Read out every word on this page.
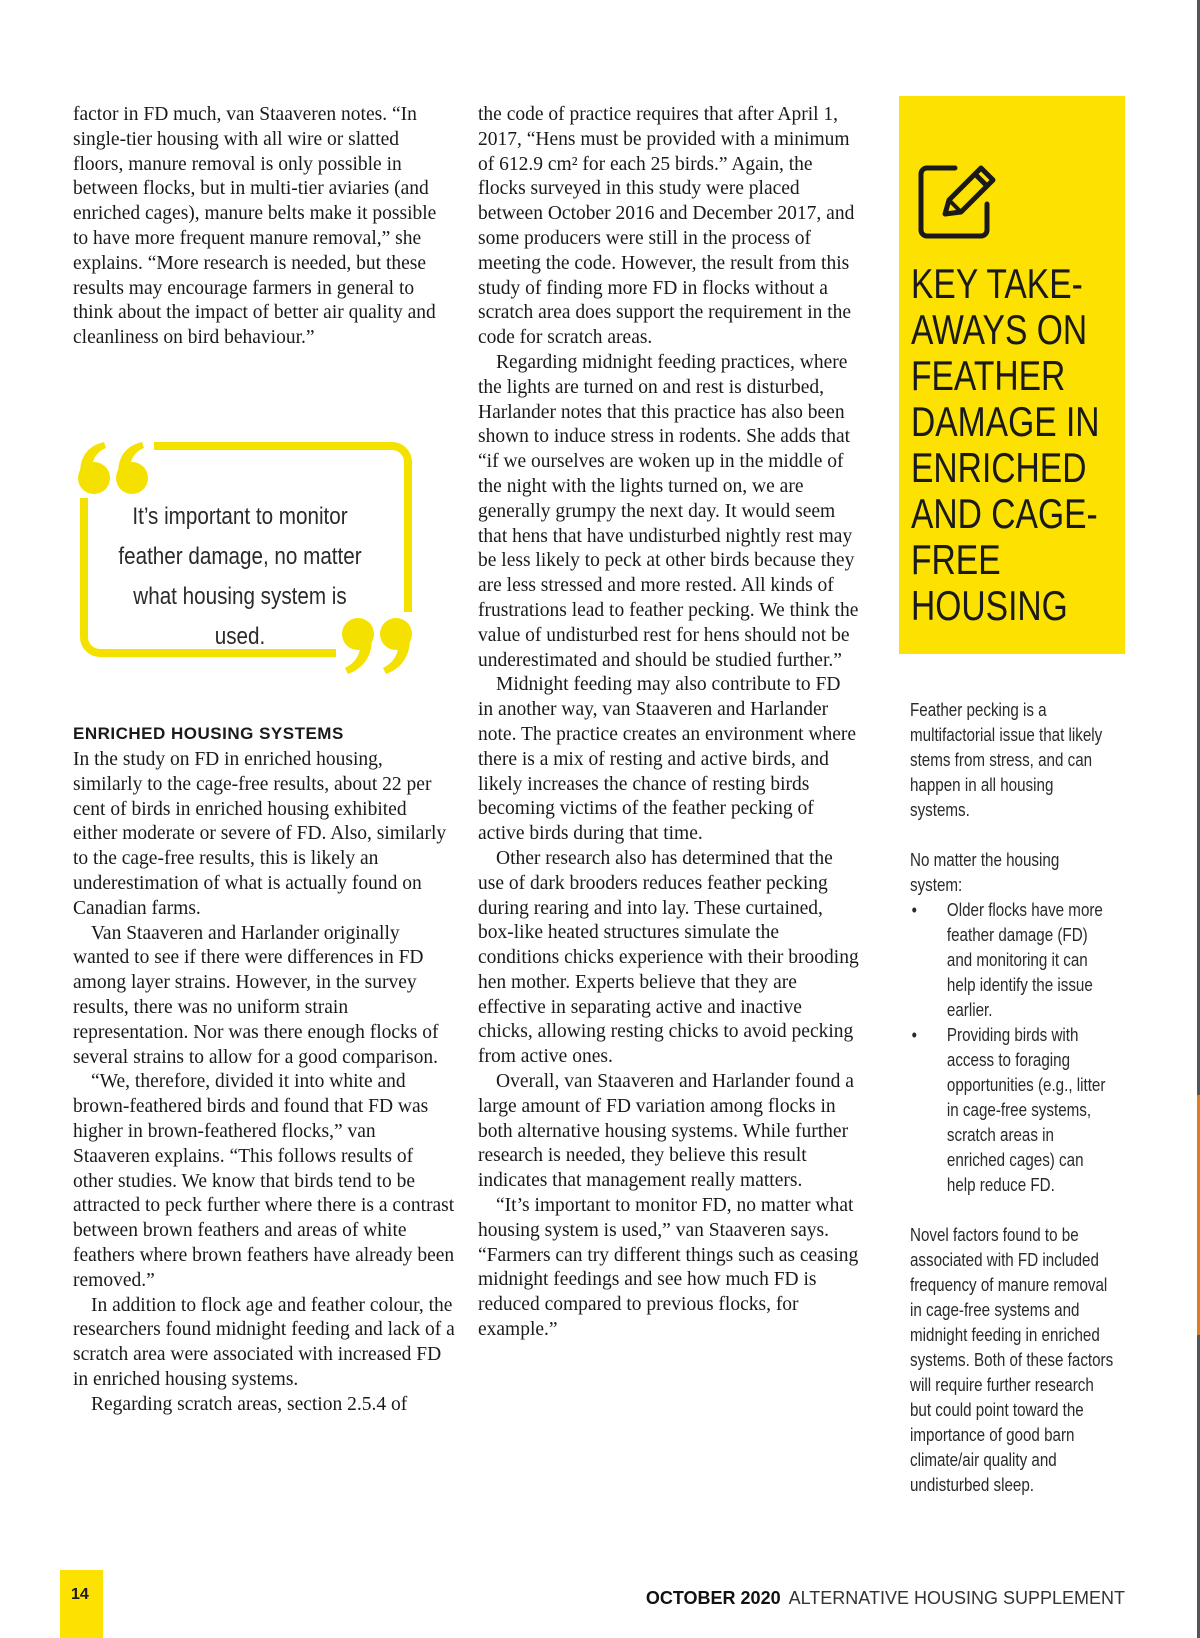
factor in FD much, van Staaveren notes. “In single-tier housing with all wire or slatted floors, manure removal is only possible in between flocks, but in multi-tier aviaries (and enriched cages), manure belts make it possible to have more frequent manure removal,” she explains. “More research is needed, but these results may encourage farmers in general to think about the impact of better air quality and cleanliness on bird behaviour.”

It’s important to monitor feather damage, no matter what housing system is used.
ENRICHED HOUSING SYSTEMS

In the study on FD in enriched housing, similarly to the cage-free results, about 22 per cent of birds in enriched housing exhibited either moderate or severe of FD. Also, similarly to the cage-free results, this is likely an underestimation of what is actually found on Canadian farms.

Van Staaveren and Harlander originally wanted to see if there were differences in FD among layer strains. However, in the survey results, there was no uniform strain representation. Nor was there enough flocks of several strains to allow for a good comparison.

“We, therefore, divided it into white and brown-feathered birds and found that FD was higher in brown-feathered flocks,” van Staaveren explains. “This follows results of other studies. We know that birds tend to be attracted to peck further where there is a contrast between brown feathers and areas of white feathers where brown feathers have already been removed.”

In addition to flock age and feather colour, the researchers found midnight feeding and lack of a scratch area were associated with increased FD in enriched housing systems.

Regarding scratch areas, section 2.5.4 of

the code of practice requires that after April 1, 2017, “Hens must be provided with a minimum of 612.9 cm² for each 25 birds.” Again, the flocks surveyed in this study were placed between October 2016 and December 2017, and some producers were still in the process of meeting the code. However, the result from this study of finding more FD in flocks without a scratch area does support the requirement in the code for scratch areas.

Regarding midnight feeding practices, where the lights are turned on and rest is disturbed, Harlander notes that this practice has also been shown to induce stress in rodents. She adds that “if we ourselves are woken up in the middle of the night with the lights turned on, we are generally grumpy the next day. It would seem that hens that have undisturbed nightly rest may be less likely to peck at other birds because they are less stressed and more rested. All kinds of frustrations lead to feather pecking. We think the value of undisturbed rest for hens should not be underestimated and should be studied further.”

Midnight feeding may also contribute to FD in another way, van Staaveren and Harlander note. The practice creates an environment where there is a mix of resting and active birds, and likely increases the chance of resting birds becoming victims of the feather pecking of active birds during that time.

Other research also has determined that the use of dark brooders reduces feather pecking during rearing and into lay. These curtained, box-like heated structures simulate the conditions chicks experience with their brooding hen mother. Experts believe that they are effective in separating active and inactive chicks, allowing resting chicks to avoid pecking from active ones.

Overall, van Staaveren and Harlander found a large amount of FD variation among flocks in both alternative housing systems. While further research is needed, they believe this result indicates that management really matters.

“It’s important to monitor FD, no matter what housing system is used,” van Staaveren says. “Farmers can try different things such as ceasing midnight feedings and see how much FD is reduced compared to previous flocks, for example.”

KEY TAKE-
AWAYS ON
FEATHER
DAMAGE IN
ENRICHED
AND CAGE-
FREE
HOUSING

Feather pecking is a multifactorial issue that likely stems from stress, and can happen in all housing systems.

No matter the housing system:
• Older flocks have more feather damage (FD) and monitoring it can help identify the issue earlier.
• Providing birds with access to foraging opportunities (e.g., litter in cage-free systems, scratch areas in enriched cages) can help reduce FD.

Novel factors found to be associated with FD included frequency of manure removal in cage-free systems and midnight feeding in enriched systems. Both of these factors will require further research but could point toward the importance of good barn climate/air quality and undisturbed sleep.

14	OCTOBER 2020 ALTERNATIVE HOUSING SUPPLEMENT
